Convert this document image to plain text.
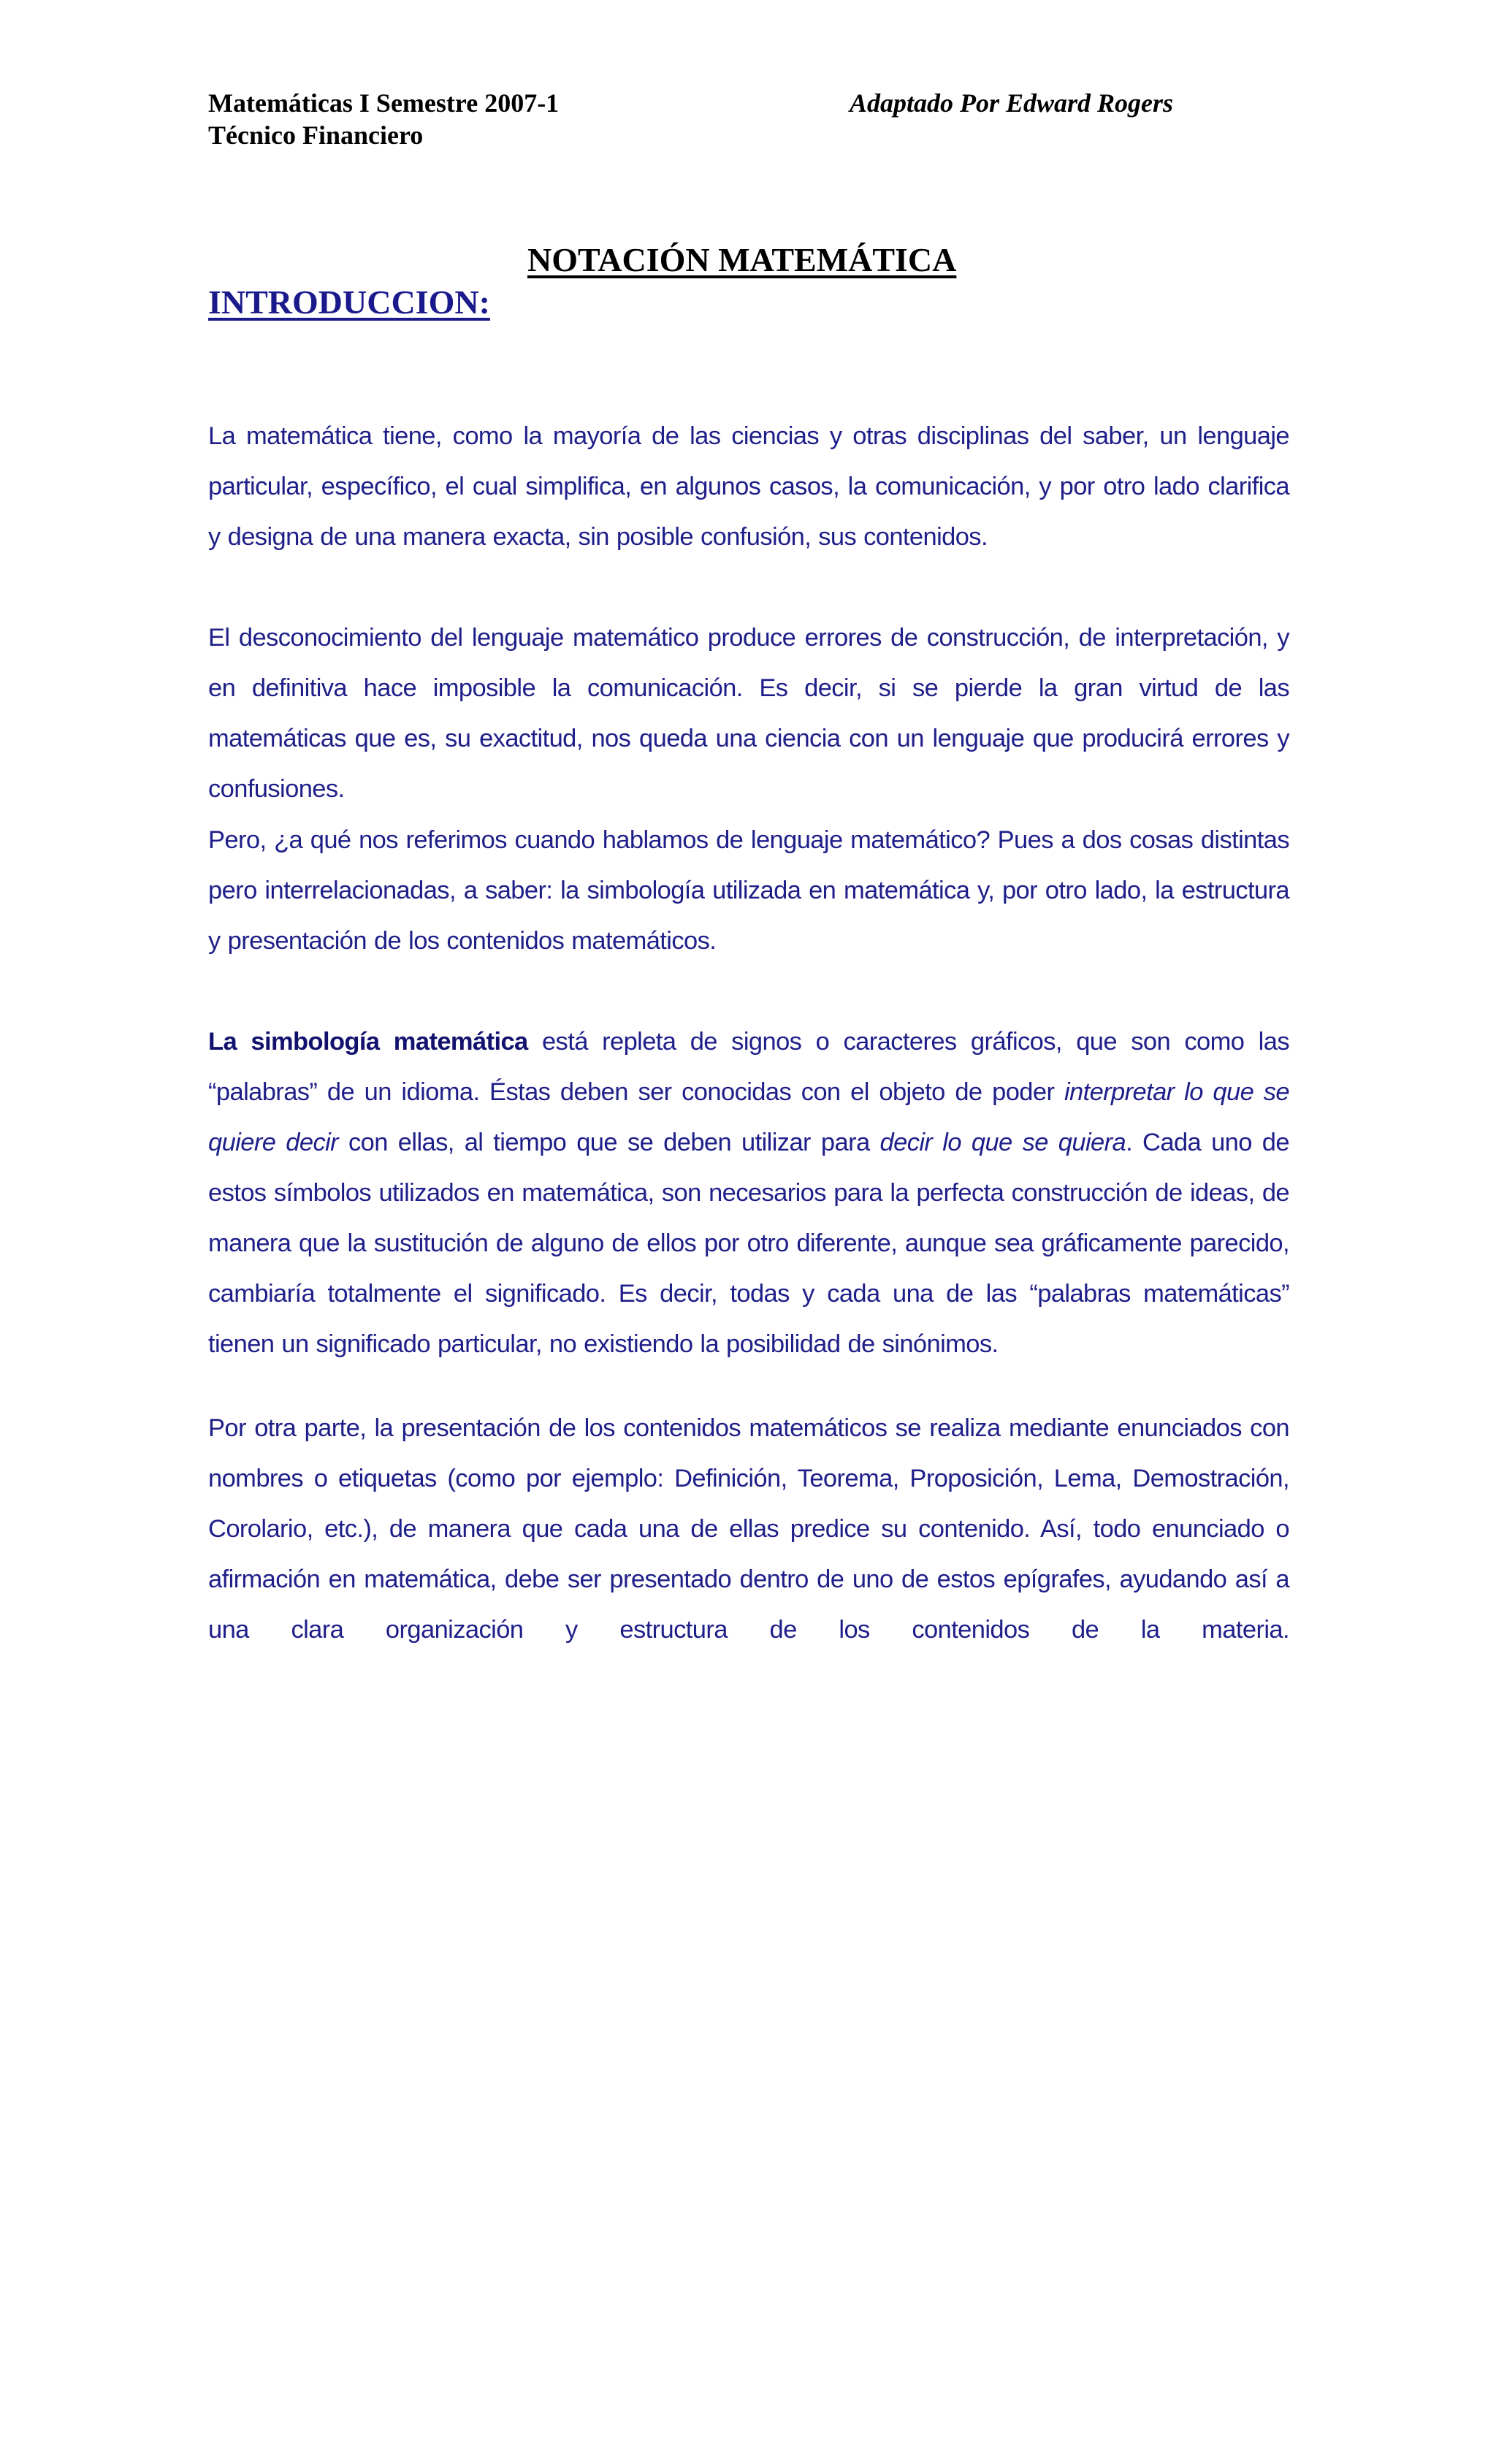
Matemáticas I Semestre 2007-1
Técnico Financiero
Adaptado Por Edward Rogers
NOTACIÓN MATEMÁTICA
INTRODUCCION:

La matemática tiene, como la mayoría de las ciencias y otras disciplinas del saber, un lenguaje particular, específico, el cual simplifica, en algunos casos, la comunicación, y por otro lado clarifica y designa de una manera exacta, sin posible confusión, sus contenidos.

El desconocimiento del lenguaje matemático produce errores de construcción, de interpretación, y en definitiva hace imposible la comunicación. Es decir, si se pierde la gran virtud de las matemáticas que es, su exactitud, nos queda una ciencia con un lenguaje que producirá errores y confusiones.

Pero, ¿a qué nos referimos cuando hablamos de lenguaje matemático? Pues a dos cosas distintas pero interrelacionadas, a saber: la simbología utilizada en matemática y, por otro lado, la estructura y presentación de los contenidos matemáticos.

La simbología matemática está repleta de signos o caracteres gráficos, que son como las “palabras” de un idioma. Éstas deben ser conocidas con el objeto de poder interpretar lo que se quiere decir con ellas, al tiempo que se deben utilizar para decir lo que se quiera. Cada uno de estos símbolos utilizados en matemática, son necesarios para la perfecta construcción de ideas, de manera que la sustitución de alguno de ellos por otro diferente, aunque sea gráficamente parecido, cambiaría totalmente el significado. Es decir, todas y cada una de las “palabras matemáticas” tienen un significado particular, no existiendo la posibilidad de sinónimos.

Por otra parte, la presentación de los contenidos matemáticos se realiza mediante enunciados con nombres o etiquetas (como por ejemplo: Definición, Teorema, Proposición, Lema, Demostración, Corolario, etc.), de manera que cada una de ellas predice su contenido. Así, todo enunciado o afirmación en matemática, debe ser presentado dentro de uno de estos epígrafes, ayudando así a una clara organización y estructura de los contenidos de la materia.
